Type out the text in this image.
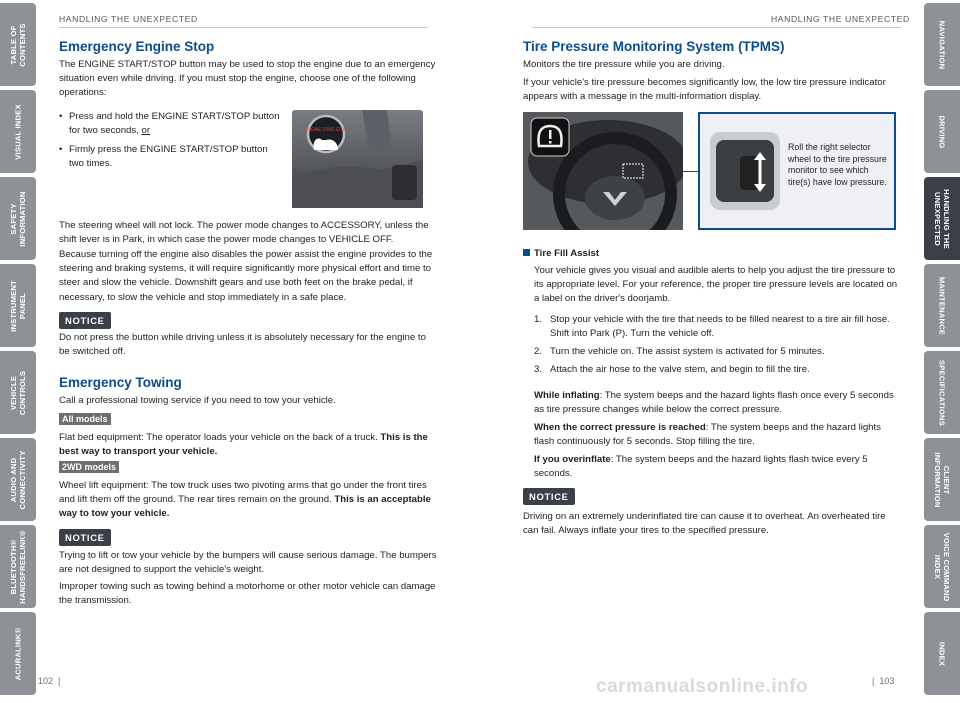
TABLE OF
CONTENTS
VISUAL INDEX
SAFETY
INFORMATION
INSTRUMENT
PANEL
VEHICLE
CONTROLS
AUDIO AND
CONNECTIVITY
BLUETOOTH®
HANDSFREELINK®
ACURALINK®
NAVIGATION
DRIVING
HANDLING THE
UNEXPECTED
MAINTENANCE
SPECIFICATIONS
CLIENT
INFORMATION
VOICE COMMAND
INDEX
INDEX
HANDLING THE UNEXPECTED	HANDLING THE UNEXPECTED
Emergency Engine Stop
The ENGINE START/STOP button may be used to stop the engine due to an emergency situation even while driving. If you must stop the engine, choose one of the following operations:
• Press and hold the ENGINE START/STOP button for two seconds, or
• Firmly press the ENGINE START/STOP button two times.
ENGINE START STOP
The steering wheel will not lock. The power mode changes to ACCESSORY, unless the shift lever is in Park, in which case the power mode changes to VEHICLE OFF.
Because turning off the engine also disables the power assist the engine provides to the steering and braking systems, it will require significantly more physical effort and time to steer and slow the vehicle. Downshift gears and use both feet on the brake pedal, if necessary, to slow the vehicle and stop immediately in a safe place.
NOTICE
Do not press the button while driving unless it is absolutely necessary for the engine to be switched off.
Emergency Towing
Call a professional towing service if you need to tow your vehicle.
All models
Flat bed equipment: The operator loads your vehicle on the back of a truck. This is the best way to transport your vehicle.
2WD models
Wheel lift equipment: The tow truck uses two pivoting arms that go under the front tires and lift them off the ground. The rear tires remain on the ground. This is an acceptable way to tow your vehicle.
NOTICE
Trying to lift or tow your vehicle by the bumpers will cause serious damage. The bumpers are not designed to support the vehicle's weight.
Improper towing such as towing behind a motorhome or other motor vehicle can damage the transmission.
102  |
Tire Pressure Monitoring System (TPMS)
Monitors the tire pressure while you are driving.
If your vehicle's tire pressure becomes significantly low, the low tire pressure indicator appears with a message in the multi-information display.
Roll the right selector wheel to the tire pressure monitor to see which tire(s) have low pressure.
Tire Fill Assist
Your vehicle gives you visual and audible alerts to help you adjust the tire pressure to its appropriate level. For your reference, the proper tire pressure levels are located on a label on the driver's doorjamb.
1. Stop your vehicle with the tire that needs to be filled nearest to a tire air fill hose. Shift into Park (P). Turn the vehicle off.
2. Turn the vehicle on. The assist system is activated for 5 minutes.
3. Attach the air hose to the valve stem, and begin to fill the tire.
While inflating: The system beeps and the hazard lights flash once every 5 seconds as tire pressure changes while below the correct pressure.
When the correct pressure is reached: The system beeps and the hazard lights flash continuously for 5 seconds. Stop filling the tire.
If you overinflate: The system beeps and the hazard lights flash twice every 5 seconds.
NOTICE
Driving on an extremely underinflated tire can cause it to overheat. An overheated tire can fail. Always inflate your tires to the specified pressure.
|  103
carmanualsonline.info
